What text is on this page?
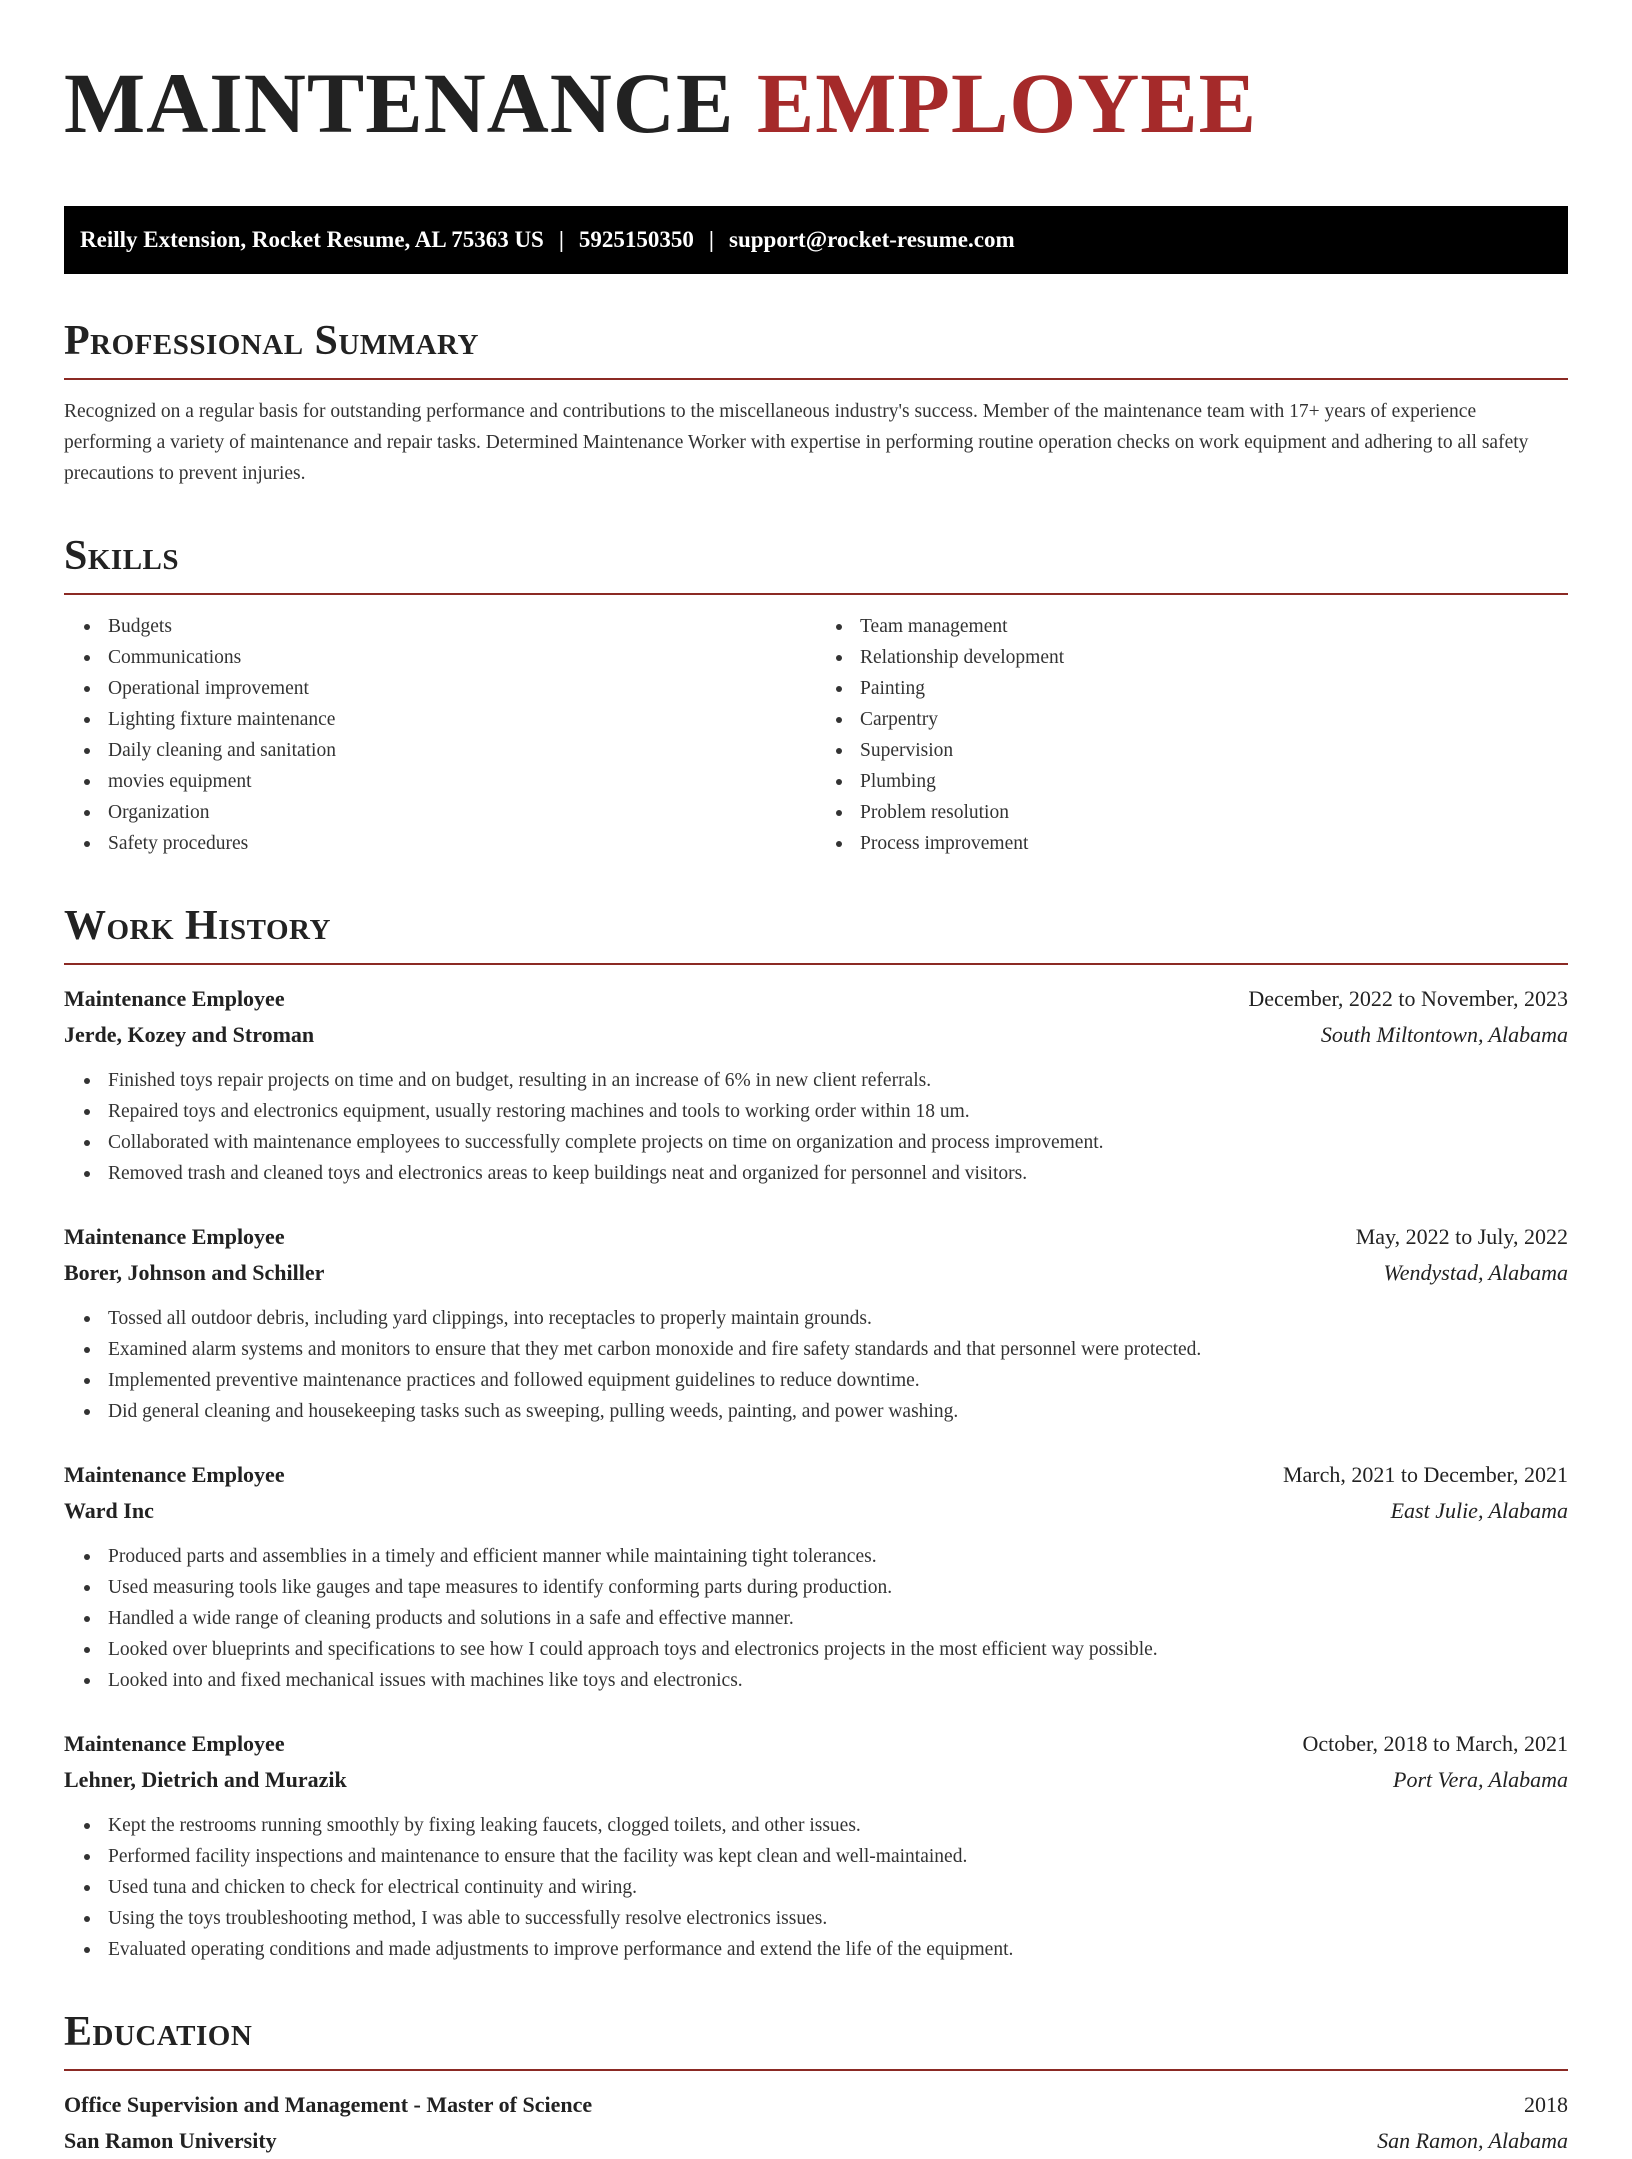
MAINTENANCE EMPLOYEE
Reilly Extension, Rocket Resume, AL 75363 US | 5925150350 | support@rocket-resume.com
Professional Summary

Recognized on a regular basis for outstanding performance and contributions to the miscellaneous industry's success. Member of the maintenance team with 17+ years of experience performing a variety of maintenance and repair tasks. Determined Maintenance Worker with expertise in performing routine operation checks on work equipment and adhering to all safety precautions to prevent injuries.

Skills
Budgets
Communications
Operational improvement
Lighting fixture maintenance
Daily cleaning and sanitation
movies equipment
Organization
Safety procedures
Team management
Relationship development
Painting
Carpentry
Supervision
Plumbing
Problem resolution
Process improvement
Work History
Maintenance Employee	December, 2022 to November, 2023
Jerde, Kozey and Stroman	South Miltontown, Alabama
Finished toys repair projects on time and on budget, resulting in an increase of 6% in new client referrals.
Repaired toys and electronics equipment, usually restoring machines and tools to working order within 18 um.
Collaborated with maintenance employees to successfully complete projects on time on organization and process improvement.
Removed trash and cleaned toys and electronics areas to keep buildings neat and organized for personnel and visitors.
Maintenance Employee	May, 2022 to July, 2022
Borer, Johnson and Schiller	Wendystad, Alabama
Tossed all outdoor debris, including yard clippings, into receptacles to properly maintain grounds.
Examined alarm systems and monitors to ensure that they met carbon monoxide and fire safety standards and that personnel were protected.
Implemented preventive maintenance practices and followed equipment guidelines to reduce downtime.
Did general cleaning and housekeeping tasks such as sweeping, pulling weeds, painting, and power washing.
Maintenance Employee	March, 2021 to December, 2021
Ward Inc	East Julie, Alabama
Produced parts and assemblies in a timely and efficient manner while maintaining tight tolerances.
Used measuring tools like gauges and tape measures to identify conforming parts during production.
Handled a wide range of cleaning products and solutions in a safe and effective manner.
Looked over blueprints and specifications to see how I could approach toys and electronics projects in the most efficient way possible.
Looked into and fixed mechanical issues with machines like toys and electronics.
Maintenance Employee	October, 2018 to March, 2021
Lehner, Dietrich and Murazik	Port Vera, Alabama
Kept the restrooms running smoothly by fixing leaking faucets, clogged toilets, and other issues.
Performed facility inspections and maintenance to ensure that the facility was kept clean and well-maintained.
Used tuna and chicken to check for electrical continuity and wiring.
Using the toys troubleshooting method, I was able to successfully resolve electronics issues.
Evaluated operating conditions and made adjustments to improve performance and extend the life of the equipment.
Education
Office Supervision and Management - Master of Science	2018
San Ramon University	San Ramon, Alabama
